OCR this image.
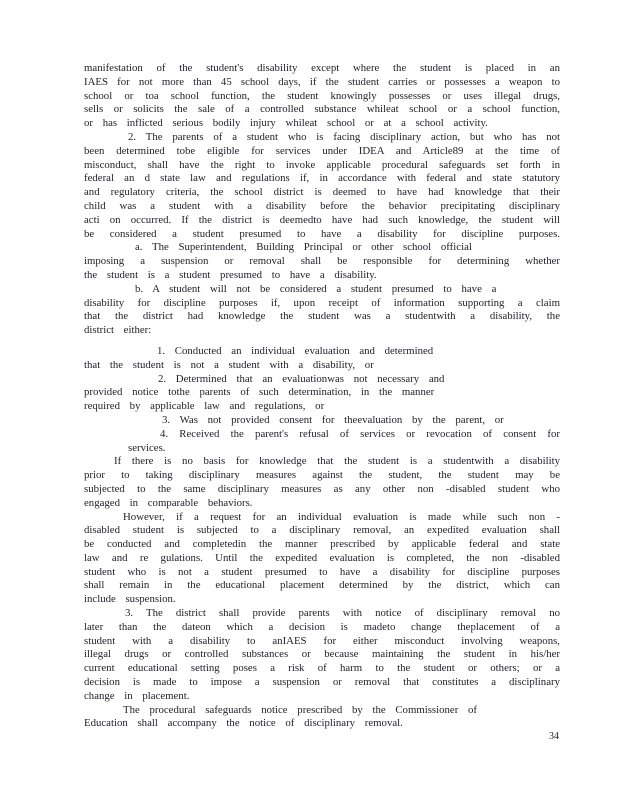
manifestation of the student's disability except where the student is placed in an
IAES for not more than 45 school days, if the student carries or possesses a weapon to
school or toa school function, the student knowingly possesses or uses illegal drugs,
sells or solicits the sale of a controlled substance whileat school or a school function,
or has inflicted serious bodily injury whileat school or at a school activity.
2. The parents of a student who is facing disciplinary action, but who has not
been determined tobe eligible for services under IDEA and Article89 at the time of
misconduct, shall have the right to invoke applicable procedural safeguards set forth in
federal an d state law and regulations if, in accordance with federal and state statutory
and regulatory criteria, the school district is deemed to have had knowledge that their
child was a student with a disability before the behavior precipitating disciplinary
acti on occurred. If the district is deemedto have had such knowledge, the student will
be considered a student presumed to have a disability for discipline purposes.
a. The Superintendent, Building Principal or other school official
imposing a suspension or removal shall be responsible for determining whether
the student is a student presumed to have a disability.
b. A student will not be considered a student presumed to have a
disability for discipline purposes if, upon receipt of information supporting a claim
that the district had knowledge the student was a studentwith a disability, the
district either:
1. Conducted an individual evaluation and determined
that the student is not a student with a disability, or
2. Determined that an evaluationwas not necessary and
provided notice tothe parents of such determination, in the manner
required by applicable law and regulations, or
3. Was not provided consent for theevaluation by the parent, or
4. Received the parent's refusal of services or revocation of consent for
services.
If there is no basis for knowledge that the student is a studentwith a disability
prior to taking disciplinary measures against the student, the student may be
subjected to the same disciplinary measures as any other non -disabled student who
engaged in comparable behaviors.
However, if a request for an individual evaluation is made while such non -
disabled student is subjected to a disciplinary removal, an expedited evaluation shall
be conducted and completedin the manner prescribed by applicable federal and state
law and re gulations. Until the expedited evaluation is completed, the non -disabled
student who is not a student presumed to have a disability for discipline purposes
shall remain in the educational placement determined by the district, which can
include suspension.
3. The district shall provide parents with notice of disciplinary removal no
later than the dateon which a decision is madeto change theplacement of a
student with a disability to anIAES for either misconduct involving weapons,
illegal drugs or controlled substances or because maintaining the student in his/her
current educational setting poses a risk of harm to the student or others; or a
decision is made to impose a suspension or removal that constitutes a disciplinary
change in placement.
The procedural safeguards notice prescribed by the Commissioner of
Education shall accompany the notice of disciplinary removal.
34
